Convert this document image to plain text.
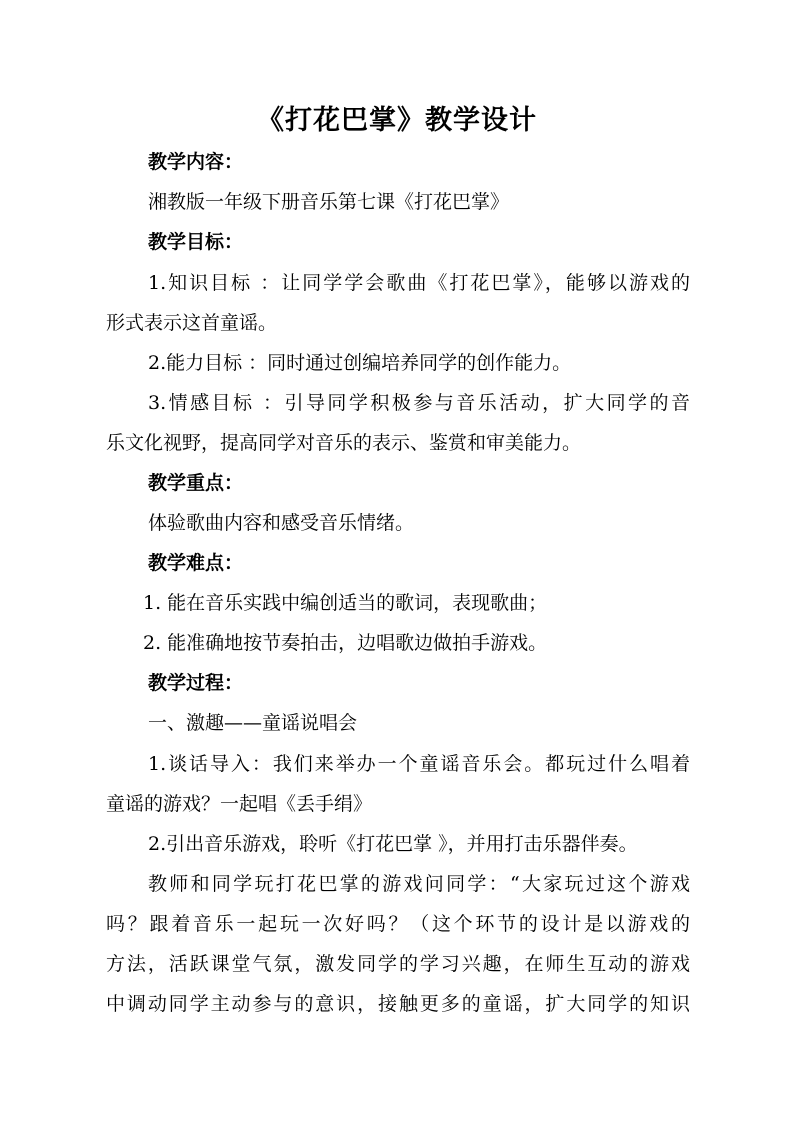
《打花巴掌》教学设计
教学内容：
湘教版一年级下册音乐第七课《打花巴掌》
教学目标：
1.知识目标 ：让同学学会歌曲《打花巴掌》，能够以游戏的
形式表示这首童谣。
2.能力目标 ：同时通过创编培养同学的创作能力。
3.情感目标 ：引导同学积极参与音乐活动，扩大同学的音
乐文化视野，提高同学对音乐的表示、鉴赏和审美能力。
教学重点：
体验歌曲内容和感受音乐情绪。
教学难点：
1. 能在音乐实践中编创适当的歌词，表现歌曲；
2. 能准确地按节奏拍击，边唱歌边做拍手游戏。
教学过程：
一、激趣——童谣说唱会
1.谈话导入：我们来举办一个童谣音乐会。都玩过什么唱着
童谣的游戏？一起唱《丢手绢》
2.引出音乐游戏，聆听《打花巴掌 》，并用打击乐器伴奏。
教师和同学玩打花巴掌的游戏问同学：“大家玩过这个游戏
吗？跟着音乐一起玩一次好吗？（这个环节的设计是以游戏的
方法，活跃课堂气氛，激发同学的学习兴趣，在师生互动的游戏
中调动同学主动参与的意识，接触更多的童谣，扩大同学的知识
